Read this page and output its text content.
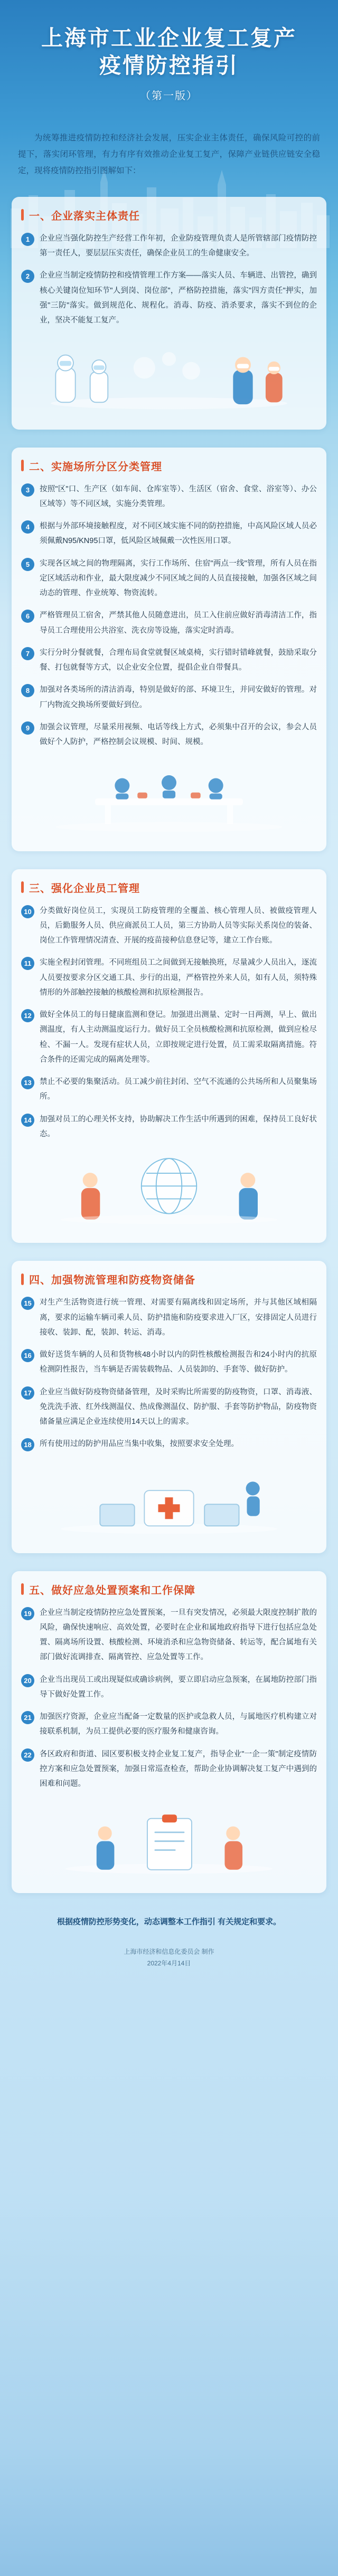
上海市工业企业复工复产
疫情防控指引
（第一版）
为统筹推进疫情防控和经济社会发展，压实企业主体责任，确保风险可控的前提下，落实闭环管理，有力有序有效推动企业复工复产，保障产业链供应链安全稳定，现将疫情防控指引图解如下：
一、企业落实主体责任
1	企业应当强化防控生产经营工作年初，企业防疫管理负责人是所管辖部门疫情防控第一责任人，要层层压实责任，确保企业员工的生命健康安全。
2	企业应当制定疫情防控和疫情管理工作方案——落实人员、车辆进、出管控，确到核心关键岗位知环节"人到岗、岗位部"，严格防控措施，落实"四方责任"押实，加强"三防"落实。做到规范化、规程化。消毒、防疫、消杀要求，落实不到位的企业，坚决不能复工复产。
二、实施场所分区分类管理
3	按照"区"口、生产区（如车间、仓库室等）、生活区（宿舍、食堂、浴室等）、办公区域等）等不同区域，实施分类管理。
4	根据与外部环境接触程度，对不同区域实施不同的防控措施，中高风险区域人员必须佩戴N95/KN95口罩，低风险区域佩戴一次性医用口罩。
5	实现各区域之间的物理隔离，实行工作场所、住宿"两点一线"管理，所有人员在指定区域活动和作业，最大限度减少不同区域之间的人员直接接触，加强各区域之间动态的管理、作业统筹、物资流转。
6	严格管理员工宿舍，严禁其他人员随意进出，员工入住前应做好消毒清洁工作，指导员工合理使用公共浴室、洗衣房等设施，落实定时消毒。
7	实行分时分餐就餐，合理布局食堂就餐区域桌椅，实行错时错峰就餐，鼓励采取分餐、打包就餐等方式，以企业安全位置，提倡企业自带餐具。
8	加强对各类场所的清洁消毒，特别是做好的部、环境卫生，并同安做好的管理。对厂内物流交换场所要做好到位。
9	加强会议管理，尽量采用视频、电话等线上方式，必须集中召开的会议，参会人员做好个人防护，严格控制会议规模、时间、规模。
三、强化企业员工管理
10	分类做好岗位员工，实现员工防疫管理的全覆盖、核心管理人员、被做疫管理人员，后勤服务人员、供应商派员工人员，第三方协助人员等实际关系岗位的装备、岗位工作管理情况清查、开展的疫苗接种信息登记等，建立工作台账。
11	实施全程封闭管理。不同班组员工之间做到无接触换班，尽量减少人员出入，逐流人员要按要求分区交通工具、步行的出退，严格管控外来人员，如有人员，须特殊情形的外部触控接触的核酸检测和抗原检测报告。
12	做好全体员工的每日健康监测和登记。加强进出测量、定时一日两测，早上、做出测温度，有人主动测温度运行力。做好员工全员核酸检测和抗原检测，做到应检尽检、不漏一人。发现有症状人员，立即按规定进行处置，员工需采取隔离措施。符合条件的还需完成的隔离处理等。
13	禁止不必要的集聚活动。员工减少前往封闭、空气不流通的公共场所和人员聚集场所。
14	加强对员工的心理关怀支持，协助解决工作生活中所遇到的困难，保持员工良好状态。
四、加强物流管理和防疫物资储备
15	对生产生活物资进行统一管理、对需要有隔离线和固定场所，并与其他区域相隔离，要求的运输车辆司乘人员、防护措施和防疫要求进入厂区，安排固定人员进行接收、装卸、配，装卸、转运、消毒。
16	做好送货车辆的人员和货物核48小时以内的阴性核酸检测报告和24小时内的抗原检测阴性报告，当车辆是否需装载物品、人员装卸的、手套等、做好防护。
17	企业应当做好防疫物资储备管理，及时采购比所需要的防疫物资，口罩、消毒液、免洗洗手液、红外线测温仪、热成像测温仪、防护服、手套等防护物品，防疫物资储备量应满足企业连续使用14天以上的需求。
18	所有使用过的防护用品应当集中收集，按照要求安全处理。
五、做好应急处置预案和工作保障
19	企业应当制定疫情防控应急处置预案，一旦有突发情况，必须最大限度控制扩散的风险，确保快速响应、高效处置，必要时在企业和属地政府指导下进行包括应急处置、隔离场所设置、核酸检测、环境消杀和应急物资储备、转运等，配合属地有关部门做好流调排查、隔离管控、应急处置等工作。
20	企业当出现员工或出现疑似或确诊病例，要立即启动应急预案，在属地防控部门指导下做好处置工作。
21	加强医疗资源，企业应当配备一定数量的医护或急救人员，与属地医疗机构建立对接联系机制，为员工提供必要的医疗服务和健康咨询。
22	各区政府和街道、园区要积极支持企业复工复产，指导企业"一企一策"制定疫情防控方案和应急处置预案，加强日常巡查检查，帮助企业协调解决复工复产中遇到的困难和问题。
根据疫情防控形势变化，动态调整本工作指引 有关规定和要求。
上海市经济和信息化委员会 制作
2022年4月14日
